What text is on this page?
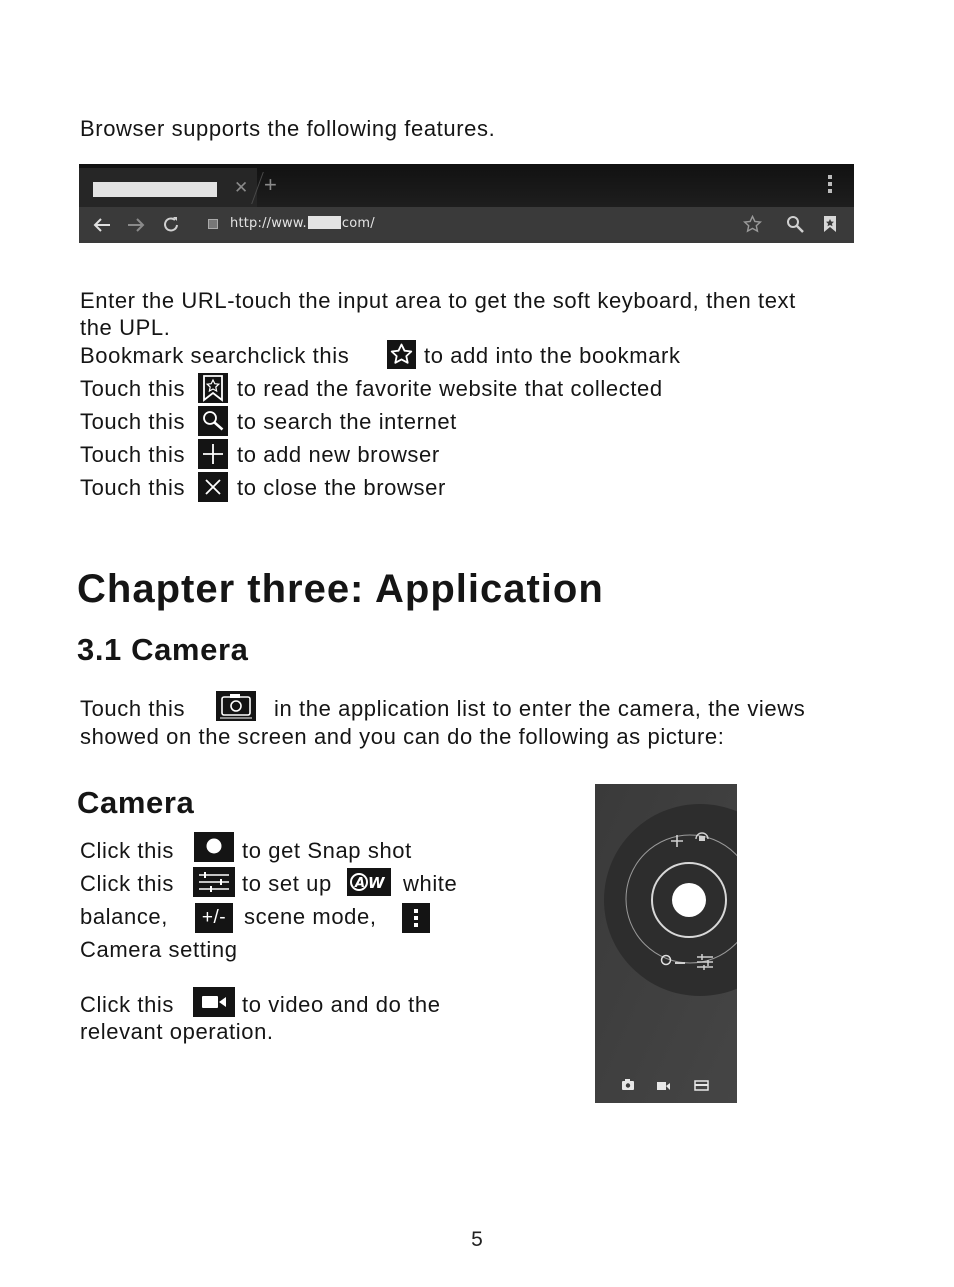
Browser supports the following features.
✕ +
http://www.	com/
Enter the URL-touch the input area to get the soft keyboard, then text
the UPL.
Bookmark searchclick this	to add into the bookmark
Touch this to read the favorite website that collected
Touch this to search the internet
Touch this to add new browser
Touch this to close the browser
Chapter three: Application
3.1 Camera
Touch this	in the application list to enter the camera, the views
showed on the screen and you can do the following as picture:
Camera
Click this	to get Snap shot
Click this	to set up A W white
balance,	+/- scene mode,
Camera setting
Click this	to video and do the
relevant operation.
5
